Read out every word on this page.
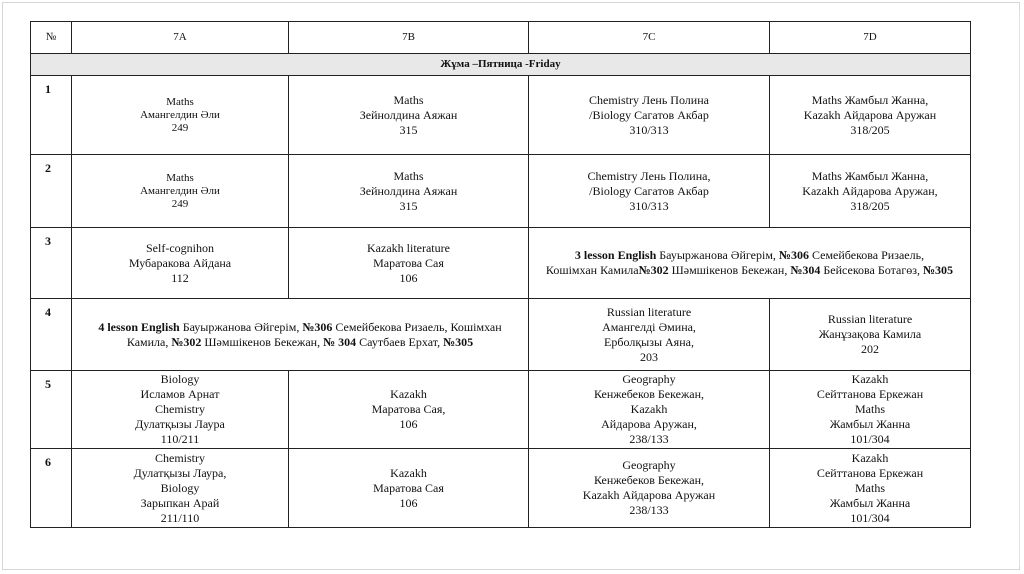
№	7A	7B	7C	7D
Жұма –Пятница -Friday				
1	Maths
Амангелдин Әли
249	Maths
Зейнолдина Аяжан
315	Chemistry Лень Полина
/Biology Сагатов Акбар
310/313	Maths Жамбыл Жанна,
Kazakh Айдарова Аружан
318/205

2	Maths
Амангелдин Әли
249	Maths
Зейнолдина Аяжан
315	Chemistry Лень Полина,
/Biology Сагатов Акбар
310/313	Maths Жамбыл Жанна,
Kazakh Айдарова Аружан,
318/205

3	Self-cognihon
Мубаракова Айдана
112	Kazakh literature
Маратова Сая
106	3 lesson English Бауыржанова Әйгерім, №306 Семейбекова Ризаель,
Кошімхан Камила№302 Шәмшікенов Бекежан, №304 Бейсекова Ботагөз, №305	

4	4 lesson English Бауыржанова Әйгерім, №306 Семейбекова Ризаель, Кошімхан Камила, №302 Шәмшікенов Бекежан, № 304 Саутбаев Ерхат, №305		Russian literature
Амангелді Әмина,
Ерболқызы Аяна,
203	Russian literature
Жанұзақова Камила
202

5	Biology
Исламов Арнат
Chemistry
Дулатқызы Лаура
110/211	Kazakh
Маратова Сая,
106	Geography
Кенжебеков Бекежан,
Kazakh
Айдарова Аружан,
238/133	Kazakh
Сейттанова Еркежан
Maths
Жамбыл Жанна
101/304

6	Chemistry
Дулатқызы Лаура,
Biology
Зарыпкан Арай
211/110	Kazakh
Маратова Сая
106	Geography
Кенжебеков Бекежан,
Kazakh Айдарова Аружан
238/133	Kazakh
Сейттанова Еркежан
Maths
Жамбыл Жанна
101/304
